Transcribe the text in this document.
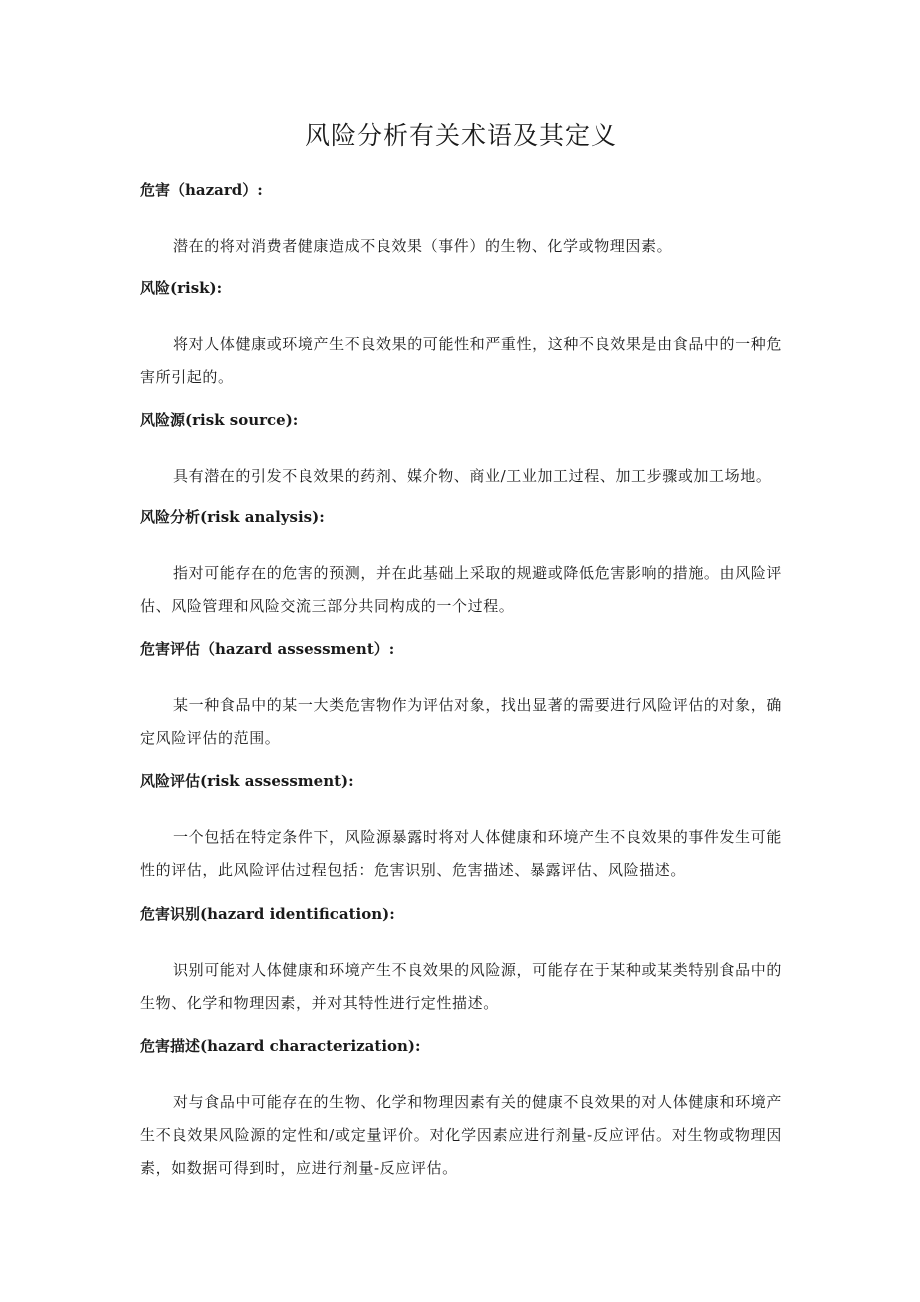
风险分析有关术语及其定义

危害（hazard）:

潜在的将对消费者健康造成不良效果（事件）的生物、化学或物理因素。

风险(risk):

将对人体健康或环境产生不良效果的可能性和严重性，这种不良效果是由食品中的一种危害所引起的。

风险源(risk source):

具有潜在的引发不良效果的药剂、媒介物、商业/工业加工过程、加工步骤或加工场地。

风险分析(risk analysis):

指对可能存在的危害的预测，并在此基础上采取的规避或降低危害影响的措施。由风险评估、风险管理和风险交流三部分共同构成的一个过程。

危害评估（hazard assessment）:

某一种食品中的某一大类危害物作为评估对象，找出显著的需要进行风险评估的对象，确定风险评估的范围。

风险评估(risk assessment):

一个包括在特定条件下，风险源暴露时将对人体健康和环境产生不良效果的事件发生可能性的评估，此风险评估过程包括：危害识别、危害描述、暴露评估、风险描述。

危害识别(hazard identification):

识别可能对人体健康和环境产生不良效果的风险源，可能存在于某种或某类特别食品中的生物、化学和物理因素，并对其特性进行定性描述。

危害描述(hazard characterization):

对与食品中可能存在的生物、化学和物理因素有关的健康不良效果的对人体健康和环境产生不良效果风险源的定性和/或定量评价。对化学因素应进行剂量-反应评估。对生物或物理因素，如数据可得到时，应进行剂量-反应评估。
